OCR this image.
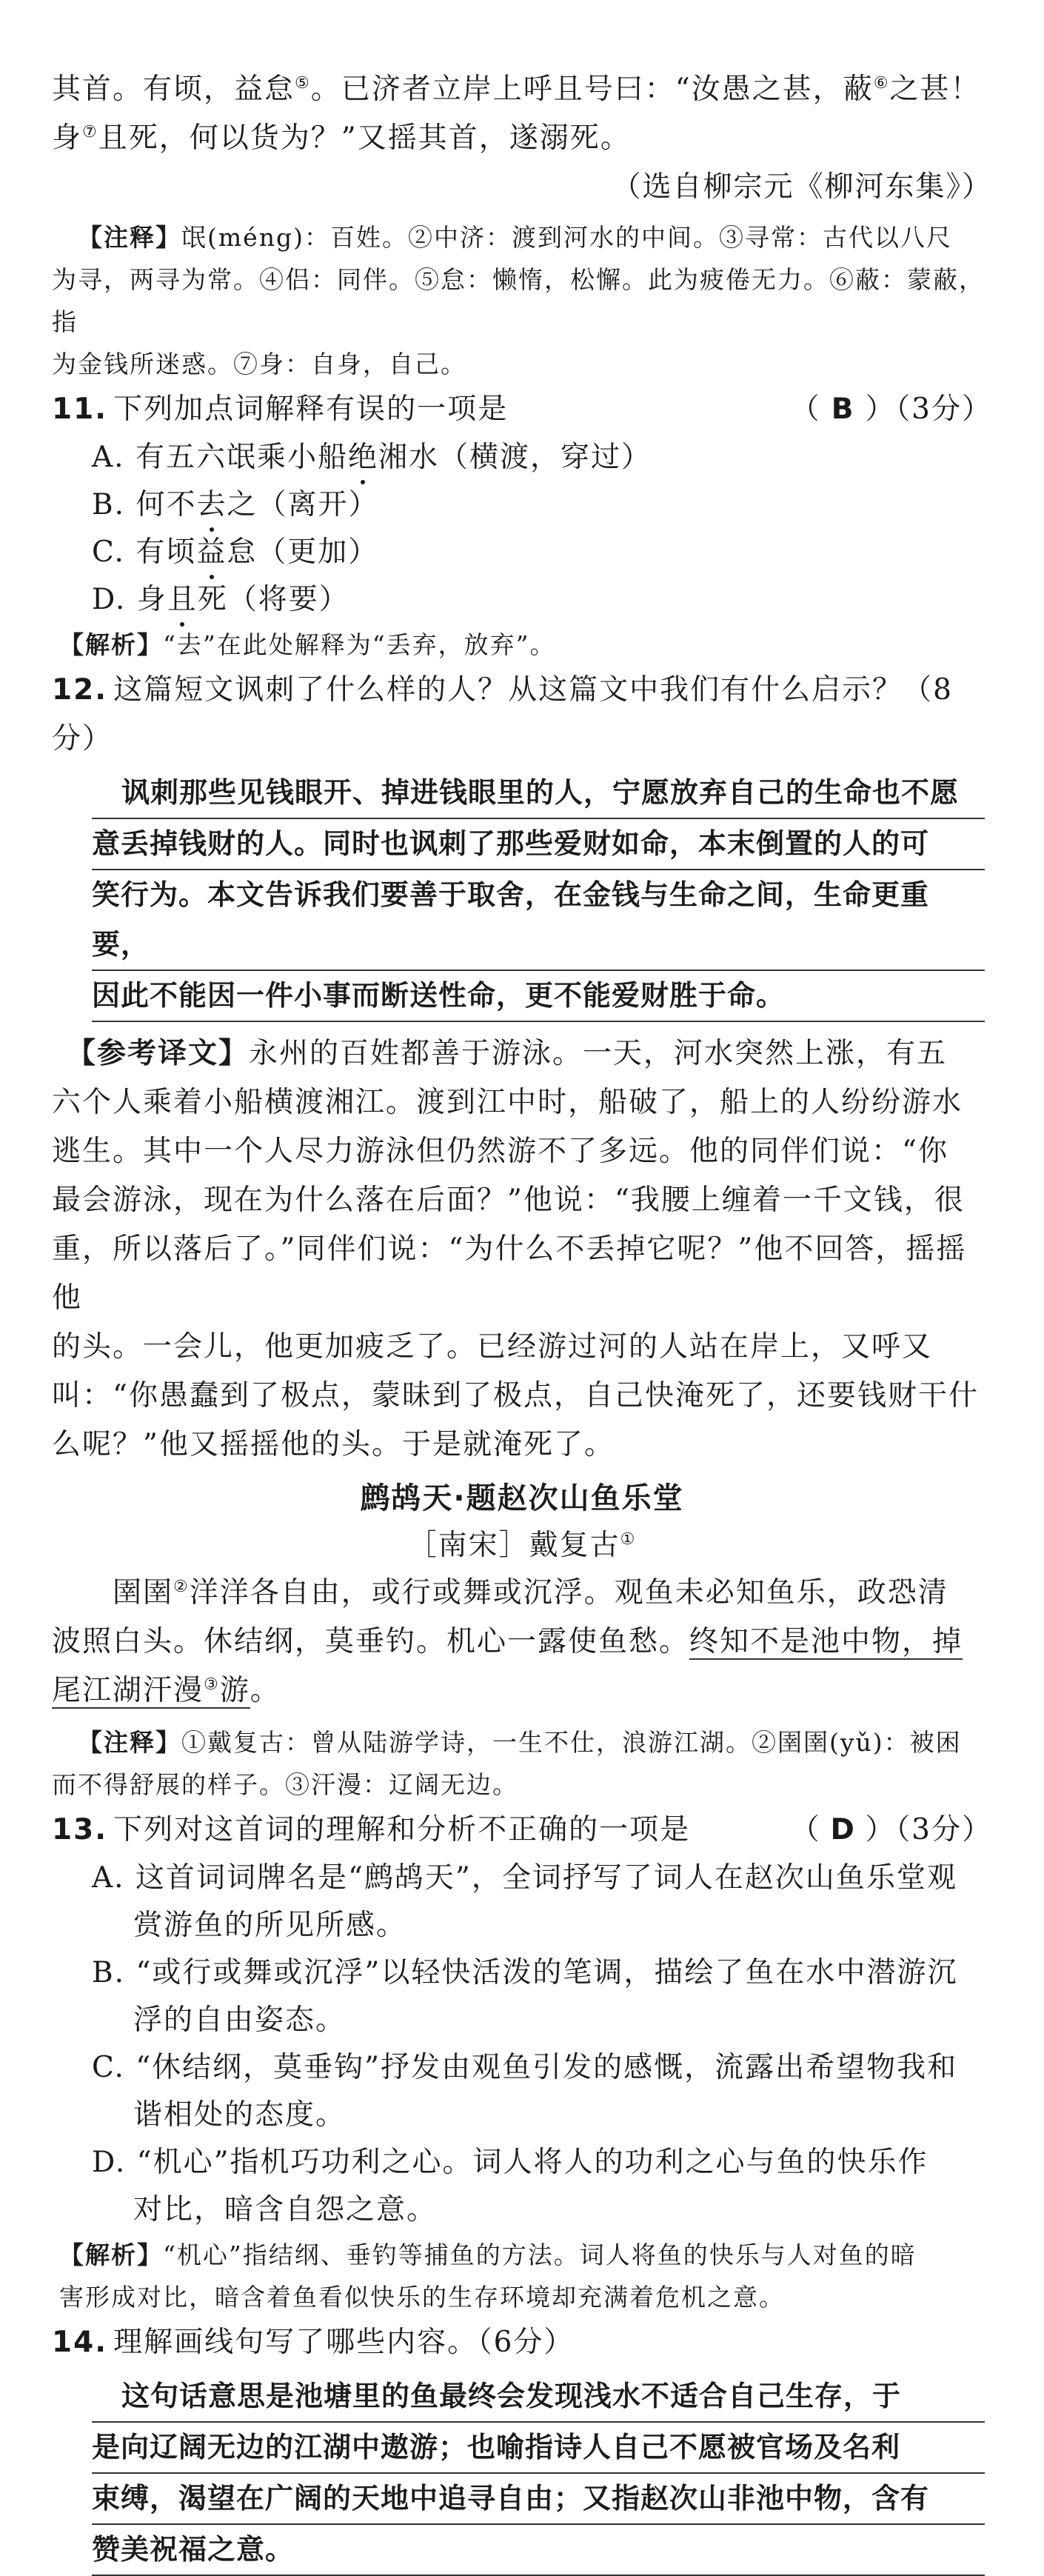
其首。有顷，益怠⑤。已济者立岸上呼且号曰：“汝愚之甚，蔽⑥之甚！

身⑦且死，何以货为？”又摇其首，遂溺死。

（选自柳宗元《柳河东集》）

【注释】氓(méng)：百姓。②中济：渡到河水的中间。③寻常：古代以八尺

为寻，两寻为常。④侣：同伴。⑤怠：懒惰，松懈。此为疲倦无力。⑥蔽：蒙蔽，指

为金钱所迷惑。⑦身：自身，自己。

11. 下列加点词解释有误的一项是	（ B ）（3分）

A. 有五六氓乘小船绝湘水（横渡，穿过）

B. 何不去之（离开）

C. 有顷益怠（更加）

D. 身且死（将要）

【解析】“去”在此处解释为“丢弃，放弃”。

12. 这篇短文讽刺了什么样的人？从这篇文中我们有什么启示？（8分）

讽刺那些见钱眼开、掉进钱眼里的人，宁愿放弃自己的生命也不愿

意丢掉钱财的人。同时也讽刺了那些爱财如命，本末倒置的人的可

笑行为。本文告诉我们要善于取舍，在金钱与生命之间，生命更重要，

因此不能因一件小事而断送性命，更不能爱财胜于命。

【参考译文】永州的百姓都善于游泳。一天，河水突然上涨，有五

六个人乘着小船横渡湘江。渡到江中时，船破了，船上的人纷纷游水

逃生。其中一个人尽力游泳但仍然游不了多远。他的同伴们说：“你

最会游泳，现在为什么落在后面？”他说：“我腰上缠着一千文钱，很

重，所以落后了。”同伴们说：“为什么不丢掉它呢？”他不回答，摇摇他

的头。一会儿，他更加疲乏了。已经游过河的人站在岸上，又呼又

叫：“你愚蠢到了极点，蒙昧到了极点，自己快淹死了，还要钱财干什

么呢？”他又摇摇他的头。于是就淹死了。

鹧鸪天·题赵次山鱼乐堂

［南宋］戴复古①

圉圉②洋洋各自由，或行或舞或沉浮。观鱼未必知鱼乐，政恐清

波照白头。休结纲，莫垂钓。机心一露使鱼愁。终知不是池中物，掉

尾江湖汗漫③游。

【注释】①戴复古：曾从陆游学诗，一生不仕，浪游江湖。②圉圉(yǔ)：被困

而不得舒展的样子。③汗漫：辽阔无边。

13. 下列对这首词的理解和分析不正确的一项是	（ D ）（3分）

A. 这首词词牌名是“鹧鸪天”，全词抒写了词人在赵次山鱼乐堂观

赏游鱼的所见所感。

B. “或行或舞或沉浮”以轻快活泼的笔调，描绘了鱼在水中潜游沉

浮的自由姿态。

C. “休结纲，莫垂钩”抒发由观鱼引发的感慨，流露出希望物我和

谐相处的态度。

D. “机心”指机巧功利之心。词人将人的功利之心与鱼的快乐作

对比，暗含自怨之意。

【解析】“机心”指结纲、垂钓等捕鱼的方法。词人将鱼的快乐与人对鱼的暗

害形成对比，暗含着鱼看似快乐的生存环境却充满着危机之意。

14. 理解画线句写了哪些内容。（6分）

这句话意思是池塘里的鱼最终会发现浅水不适合自己生存，于

是向辽阔无边的江湖中遨游；也喻指诗人自己不愿被官场及名利

束缚，渴望在广阔的天地中追寻自由；又指赵次山非池中物，含有

赞美祝福之意。
